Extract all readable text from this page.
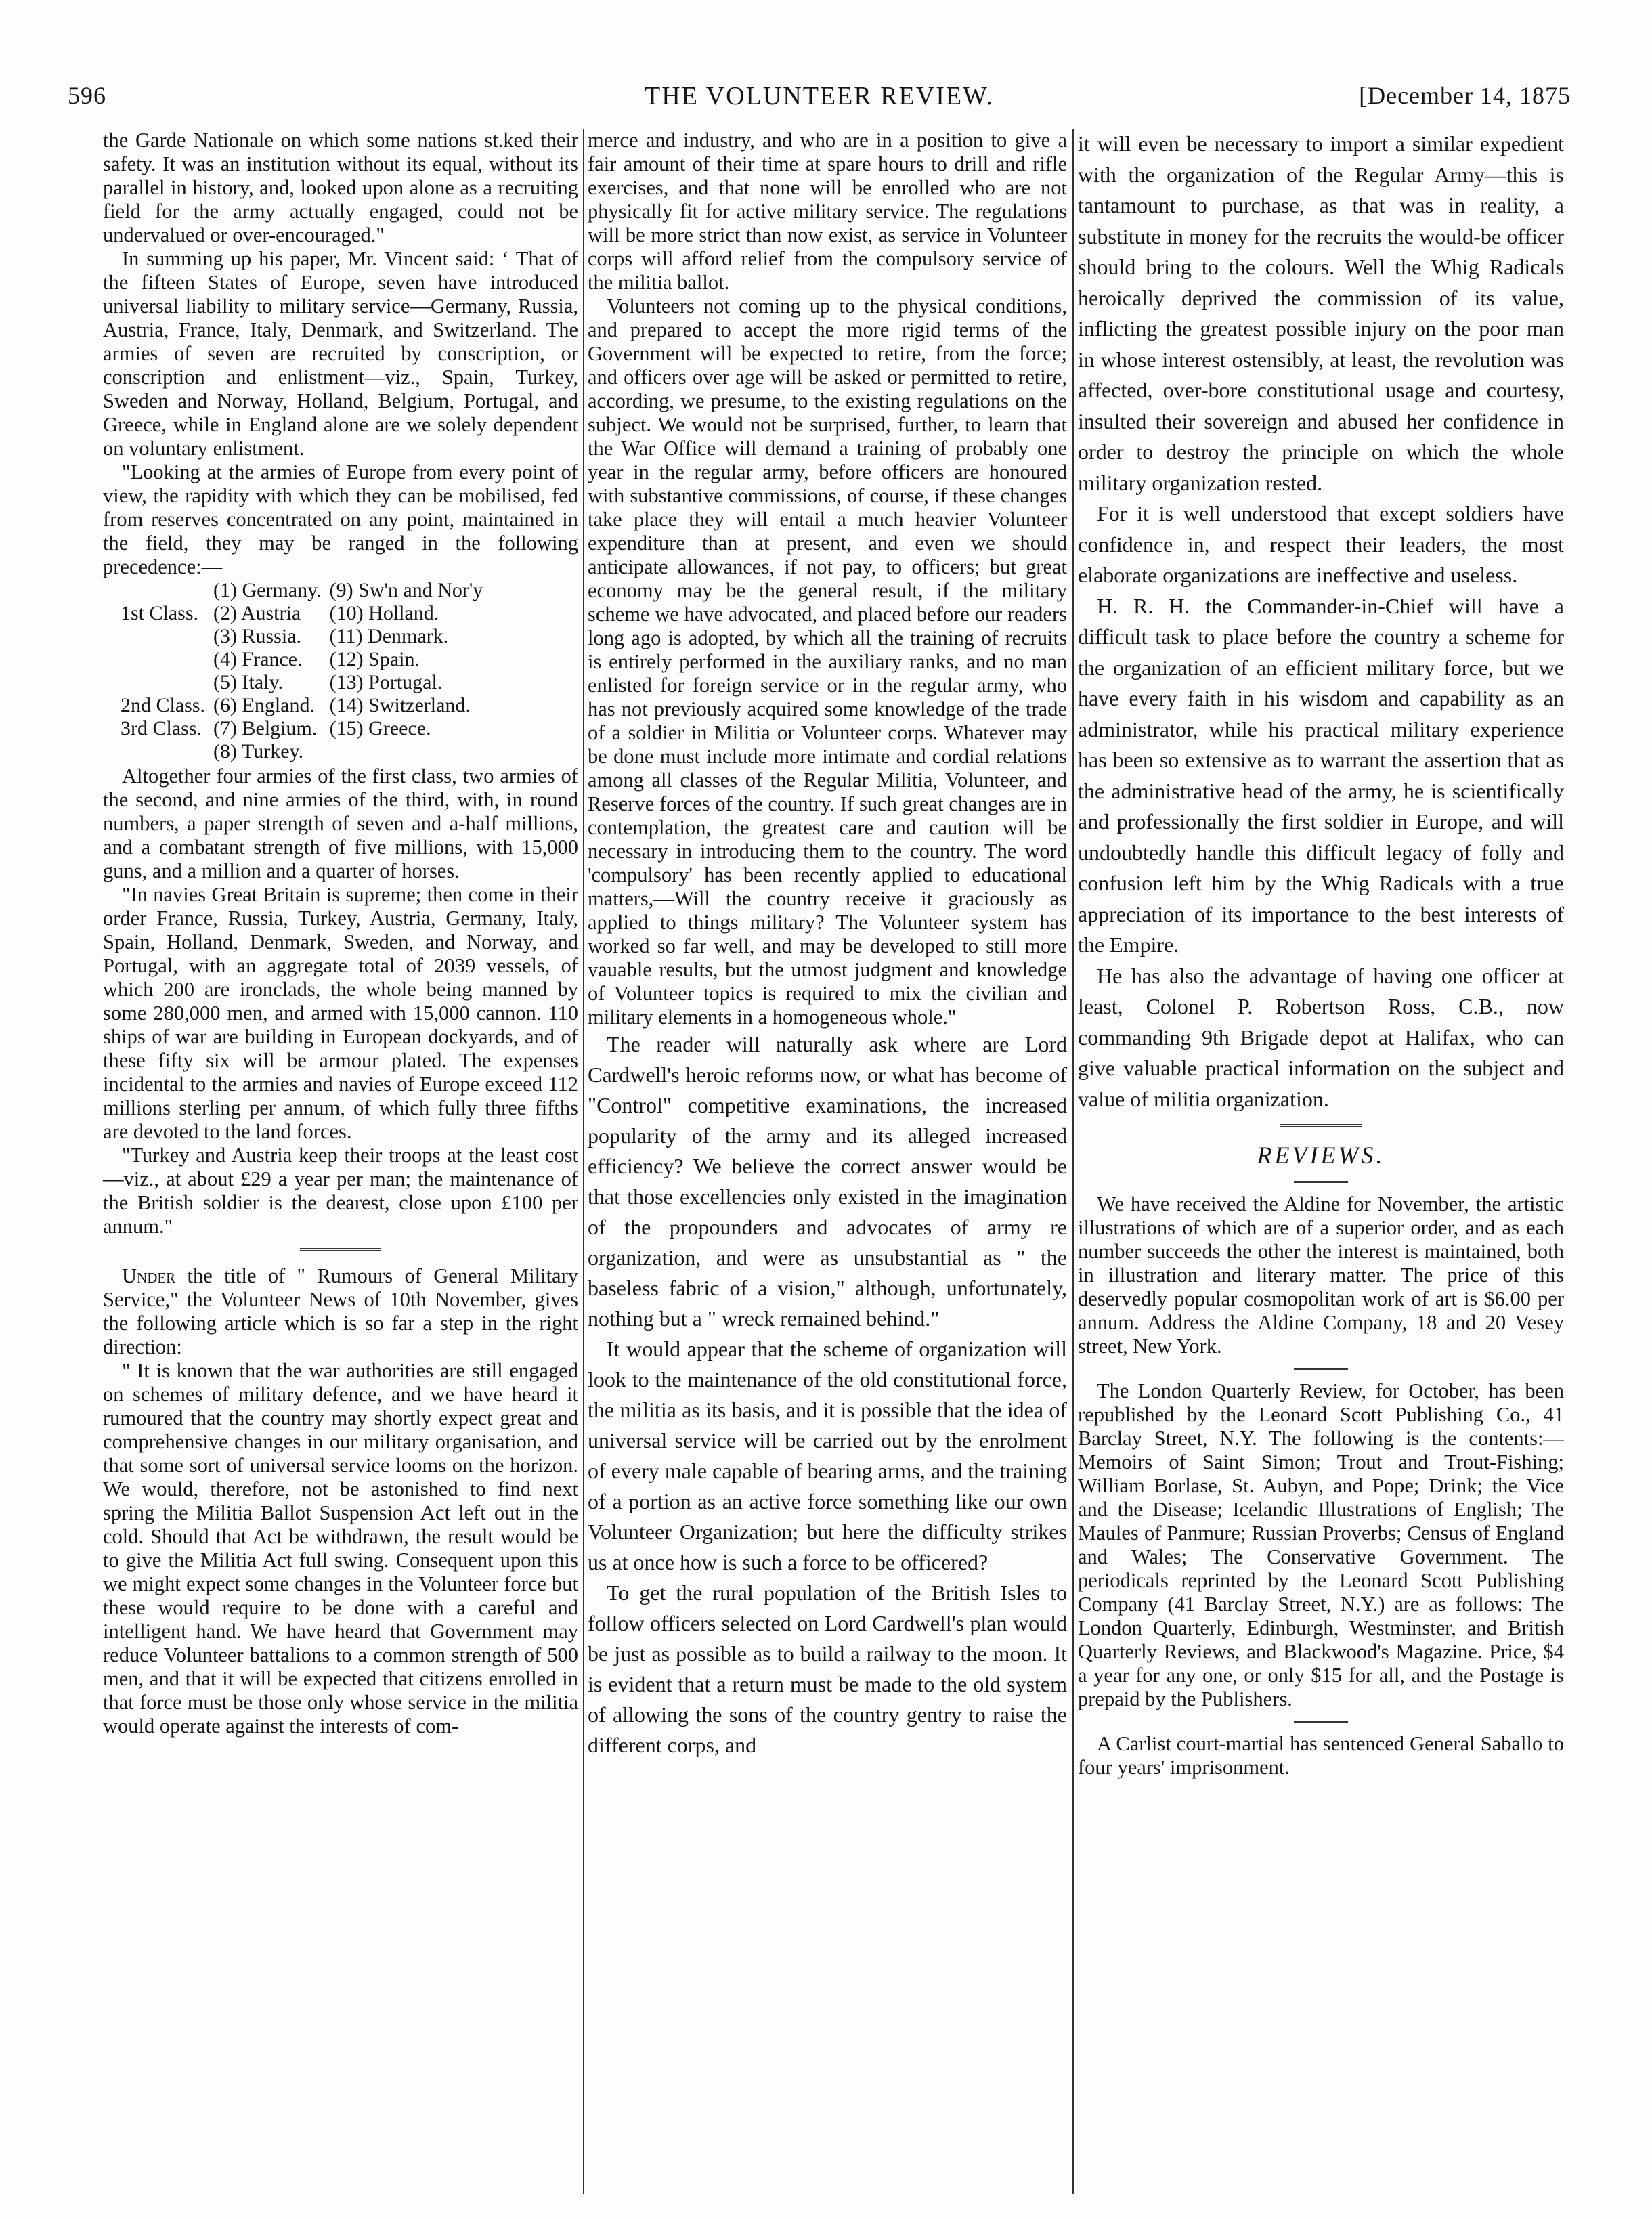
596	THE VOLUNTEER REVIEW.	[December 14, 1875

the Garde Nationale on which some nations st.ked their safety. It was an institution without its equal, without its parallel in history, and, looked upon alone as a recruiting field for the army actually engaged, could not be undervalued or over-encouraged."

In summing up his paper, Mr. Vincent said: ‘ That of the fifteen States of Europe, seven have introduced universal liability to military service—Germany, Russia, Austria, France, Italy, Denmark, and Switzerland. The armies of seven are recruited by conscription, or conscription and enlistment—viz., Spain, Turkey, Sweden and Norway, Holland, Belgium, Portugal, and Greece, while in England alone are we solely dependent on voluntary enlistment.

"Looking at the armies of Europe from every point of view, the rapidity with which they can be mobilised, fed from reserves concentrated on any point, maintained in the field, they may be ranged in the following precedence:—

	(1) Germany.	(9) Sw'n and Nor'y
1st Class.	(2) Austria	(10) Holland.
	(3) Russia.	(11) Denmark.
	(4) France.	(12) Spain.
	(5) Italy.	(13) Portugal.
2nd Class.	(6) England.	(14) Switzerland.
3rd Class.	(7) Belgium.	(15) Greece.
	(8) Turkey.	

Altogether four armies of the first class, two armies of the second, and nine armies of the third, with, in round numbers, a paper strength of seven and a-half millions, and a combatant strength of five millions, with 15,000 guns, and a million and a quarter of horses.

"In navies Great Britain is supreme; then come in their order France, Russia, Turkey, Austria, Germany, Italy, Spain, Holland, Denmark, Sweden, and Norway, and Portugal, with an aggregate total of 2039 vessels, of which 200 are ironclads, the whole being manned by some 280,000 men, and armed with 15,000 cannon. 110 ships of war are building in European dockyards, and of these fifty six will be armour plated. The expenses incidental to the armies and navies of Europe exceed 112 millions sterling per annum, of which fully three fifths are devoted to the land forces.

"Turkey and Austria keep their troops at the least cost—viz., at about £29 a year per man; the maintenance of the British soldier is the dearest, close upon £100 per annum."

Under the title of " Rumours of General Military Service," the Volunteer News of 10th November, gives the following article which is so far a step in the right direction:

" It is known that the war authorities are still engaged on schemes of military defence, and we have heard it rumoured that the country may shortly expect great and comprehensive changes in our military organisation, and that some sort of universal service looms on the horizon. We would, therefore, not be astonished to find next spring the Militia Ballot Suspension Act left out in the cold. Should that Act be withdrawn, the result would be to give the Militia Act full swing. Consequent upon this we might expect some changes in the Volunteer force but these would require to be done with a careful and intelligent hand. We have heard that Government may reduce Volunteer battalions to a common strength of 500 men, and that it will be expected that citizens enrolled in that force must be those only whose service in the militia would operate against the interests of com-

merce and industry, and who are in a position to give a fair amount of their time at spare hours to drill and rifle exercises, and that none will be enrolled who are not physically fit for active military service. The regulations will be more strict than now exist, as service in Volunteer corps will afford relief from the compulsory service of the militia ballot.

Volunteers not coming up to the physical conditions, and prepared to accept the more rigid terms of the Government will be expected to retire, from the force; and officers over age will be asked or permitted to retire, according, we presume, to the existing regulations on the subject. We would not be surprised, further, to learn that the War Office will demand a training of probably one year in the regular army, before officers are honoured with substantive commissions, of course, if these changes take place they will entail a much heavier Volunteer expenditure than at present, and even we should anticipate allowances, if not pay, to officers; but great economy may be the general result, if the military scheme we have advocated, and placed before our readers long ago is adopted, by which all the training of recruits is entirely performed in the auxiliary ranks, and no man enlisted for foreign service or in the regular army, who has not previously acquired some knowledge of the trade of a soldier in Militia or Volunteer corps. Whatever may be done must include more intimate and cordial relations among all classes of the Regular Militia, Volunteer, and Reserve forces of the country. If such great changes are in contemplation, the greatest care and caution will be necessary in introducing them to the country. The word 'compulsory' has been recently applied to educational matters,—Will the country receive it graciously as applied to things military? The Volunteer system has worked so far well, and may be developed to still more vauable results, but the utmost judgment and knowledge of Volunteer topics is required to mix the civilian and military elements in a homogeneous whole."

The reader will naturally ask where are Lord Cardwell's heroic reforms now, or what has become of "Control" competitive examinations, the increased popularity of the army and its alleged increased efficiency? We believe the correct answer would be that those excellencies only existed in the imagination of the propounders and advocates of army re organization, and were as unsubstantial as " the baseless fabric of a vision," although, unfortunately, nothing but a " wreck remained behind."

It would appear that the scheme of organization will look to the maintenance of the old constitutional force, the militia as its basis, and it is possible that the idea of universal service will be carried out by the enrolment of every male capable of bearing arms, and the training of a portion as an active force something like our own Volunteer Organization; but here the difficulty strikes us at once how is such a force to be officered?

To get the rural population of the British Isles to follow officers selected on Lord Cardwell's plan would be just as possible as to build a railway to the moon. It is evident that a return must be made to the old system of allowing the sons of the country gentry to raise the different corps, and

it will even be necessary to import a similar expedient with the organization of the Regular Army—this is tantamount to purchase, as that was in reality, a substitute in money for the recruits the would-be officer should bring to the colours. Well the Whig Radicals heroically deprived the commission of its value, inflicting the greatest possible injury on the poor man in whose interest ostensibly, at least, the revolution was affected, over-bore constitutional usage and courtesy, insulted their sovereign and abused her confidence in order to destroy the principle on which the whole military organization rested.

For it is well understood that except soldiers have confidence in, and respect their leaders, the most elaborate organizations are ineffective and useless.

H. R. H. the Commander-in-Chief will have a difficult task to place before the country a scheme for the organization of an efficient military force, but we have every faith in his wisdom and capability as an administrator, while his practical military experience has been so extensive as to warrant the assertion that as the administrative head of the army, he is scientifically and professionally the first soldier in Europe, and will undoubtedly handle this difficult legacy of folly and confusion left him by the Whig Radicals with a true appreciation of its importance to the best interests of the Empire.

He has also the advantage of having one officer at least, Colonel P. Robertson Ross, C.B., now commanding 9th Brigade depot at Halifax, who can give valuable practical information on the subject and value of militia organization.

REVIEWS.

We have received the Aldine for November, the artistic illustrations of which are of a superior order, and as each number succeeds the other the interest is maintained, both in illustration and literary matter. The price of this deservedly popular cosmopolitan work of art is $6.00 per annum. Address the Aldine Company, 18 and 20 Vesey street, New York.

The London Quarterly Review, for October, has been republished by the Leonard Scott Publishing Co., 41 Barclay Street, N.Y. The following is the contents:—Memoirs of Saint Simon; Trout and Trout-Fishing; William Borlase, St. Aubyn, and Pope; Drink; the Vice and the Disease; Icelandic Illustrations of English; The Maules of Panmure; Russian Proverbs; Census of England and Wales; The Conservative Government. The periodicals reprinted by the Leonard Scott Publishing Company (41 Barclay Street, N.Y.) are as follows: The London Quarterly, Edinburgh, Westminster, and British Quarterly Reviews, and Blackwood's Magazine. Price, $4 a year for any one, or only $15 for all, and the Postage is prepaid by the Publishers.

A Carlist court-martial has sentenced General Saballo to four years' imprisonment.
